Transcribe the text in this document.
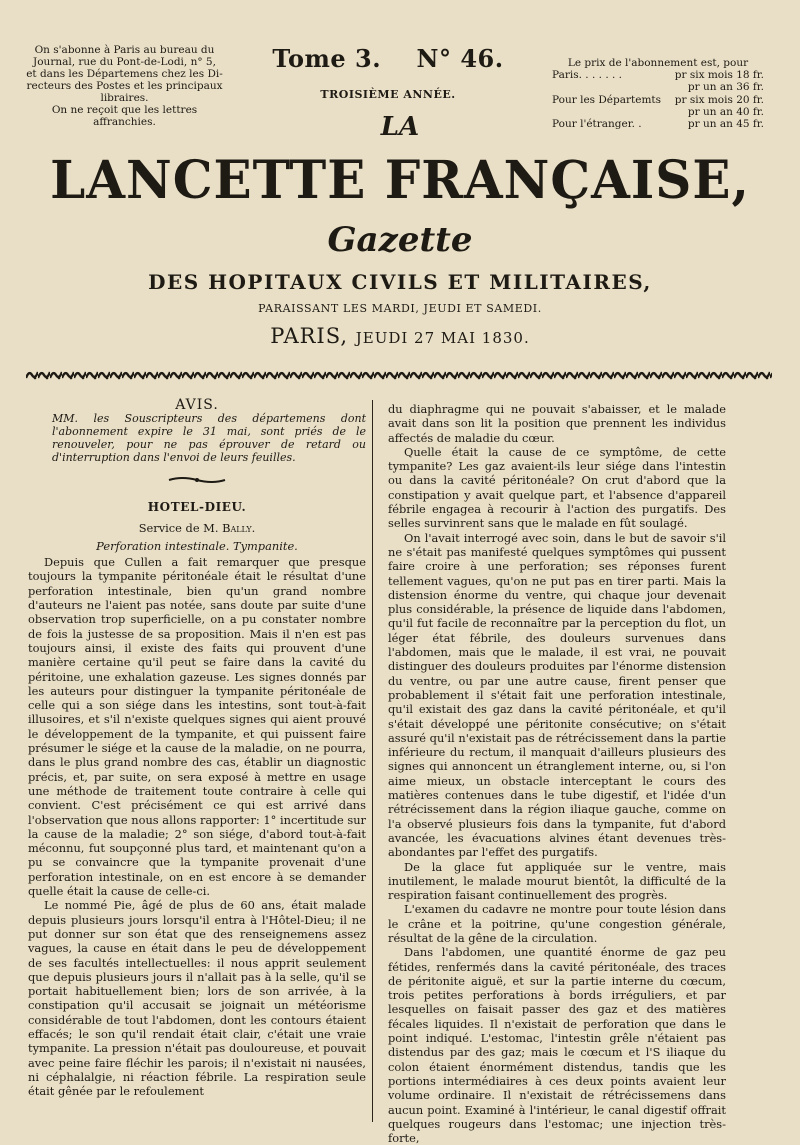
On s'abonne à Paris au bureau du

Journal, rue du Pont-de-Lodi, n° 5,

et dans les Départemens chez les Di-

recteurs des Postes et les principaux

libraires.

On ne reçoit que les lettres affranchies.

Tome 3. N° 46.
TROISIÈME ANNÉE.
Le prix de l'abonnement est, pour
Paris. . . . . . .	pr six mois 18 fr.
pr un an 36 fr.
Pour les Départemts	pr six mois 20 fr.
pr un an 40 fr.
Pour l'étranger. .	pr un an 45 fr.
LA
LANCETTE FRANÇAISE,
Gazette
DES HOPITAUX CIVILS ET MILITAIRES,
PARAISSANT LES MARDI, JEUDI ET SAMEDI.
PARIS, JEUDI 27 MAI 1830.

AVIS.

MM. les Souscripteurs des départemens dont l'abonnement expire le 31 mai, sont priés de le renouveler, pour ne pas éprouver de retard ou d'interruption dans l'envoi de leurs feuilles.

HOTEL-DIEU.

Service de M. Bally.

Perforation intestinale. Tympanite.

Depuis que Cullen a fait remarquer que presque toujours la tympanite péritonéale était le résultat d'une perforation intestinale, bien qu'un grand nombre d'auteurs ne l'aient pas notée, sans doute par suite d'une observation trop superficielle, on a pu constater nombre de fois la justesse de sa proposition. Mais il n'en est pas toujours ainsi, il existe des faits qui prouvent d'une manière certaine qu'il peut se faire dans la cavité du péritoine, une exhalation gazeuse. Les signes donnés par les auteurs pour distinguer la tympanite péritonéale de celle qui a son siége dans les intestins, sont tout-à-fait illusoires, et s'il n'existe quelques signes qui aient prouvé le développement de la tympanite, et qui puissent faire présumer le siége et la cause de la maladie, on ne pourra, dans le plus grand nombre des cas, établir un diagnostic précis, et, par suite, on sera exposé à mettre en usage une méthode de traitement toute contraire à celle qui convient. C'est précisément ce qui est arrivé dans l'observation que nous allons rapporter: 1° incertitude sur la cause de la maladie; 2° son siége, d'abord tout-à-fait méconnu, fut soupçonné plus tard, et maintenant qu'on a pu se convaincre que la tympanite provenait d'une perforation intestinale, on en est encore à se demander quelle était la cause de celle-ci.

Le nommé Pie, âgé de plus de 60 ans, était malade depuis plusieurs jours lorsqu'il entra à l'Hôtel-Dieu; il ne put donner sur son état que des renseignemens assez vagues, la cause en était dans le peu de développement de ses facultés intellectuelles: il nous apprit seulement que depuis plusieurs jours il n'allait pas à la selle, qu'il se portait habituellement bien; lors de son arrivée, à la constipation qu'il accusait se joignait un météorisme considérable de tout l'abdomen, dont les contours étaient effacés; le son qu'il rendait était clair, c'était une vraie tympanite. La pression n'était pas douloureuse, et pouvait avec peine faire fléchir les parois; il n'existait ni nausées, ni céphalalgie, ni réaction fébrile. La respiration seule était gênée par le refoulement

du diaphragme qui ne pouvait s'abaisser, et le malade avait dans son lit la position que prennent les individus affectés de maladie du cœur.

Quelle était la cause de ce symptôme, de cette tympanite? Les gaz avaient-ils leur siége dans l'intestin ou dans la cavité péritonéale? On crut d'abord que la constipation y avait quelque part, et l'absence d'appareil fébrile engagea à recourir à l'action des purgatifs. Des selles survinrent sans que le malade en fût soulagé.

On l'avait interrogé avec soin, dans le but de savoir s'il ne s'était pas manifesté quelques symptômes qui pussent faire croire à une perforation; ses réponses furent tellement vagues, qu'on ne put pas en tirer parti. Mais la distension énorme du ventre, qui chaque jour devenait plus considérable, la présence de liquide dans l'abdomen, qu'il fut facile de reconnaître par la perception du flot, un léger état fébrile, des douleurs survenues dans l'abdomen, mais que le malade, il est vrai, ne pouvait distinguer des douleurs produites par l'énorme distension du ventre, ou par une autre cause, firent penser que probablement il s'était fait une perforation intestinale, qu'il existait des gaz dans la cavité péritonéale, et qu'il s'était développé une péritonite consécutive; on s'était assuré qu'il n'existait pas de rétrécissement dans la partie inférieure du rectum, il manquait d'ailleurs plusieurs des signes qui annoncent un étranglement interne, ou, si l'on aime mieux, un obstacle interceptant le cours des matières contenues dans le tube digestif, et l'idée d'un rétrécissement dans la région iliaque gauche, comme on l'a observé plusieurs fois dans la tympanite, fut d'abord avancée, les évacuations alvines étant devenues très-abondantes par l'effet des purgatifs.

De la glace fut appliquée sur le ventre, mais inutilement, le malade mourut bientôt, la difficulté de la respiration faisant continuellement des progrès.

L'examen du cadavre ne montre pour toute lésion dans le crâne et la poitrine, qu'une congestion générale, résultat de la gêne de la circulation.

Dans l'abdomen, une quantité énorme de gaz peu fétides, renfermés dans la cavité péritonéale, des traces de péritonite aiguë, et sur la partie interne du cœcum, trois petites perforations à bords irréguliers, et par lesquelles on faisait passer des gaz et des matières fécales liquides. Il n'existait de perforation que dans le point indiqué. L'estomac, l'intestin grêle n'étaient pas distendus par des gaz; mais le cœcum et l'S iliaque du colon étaient énormément distendus, tandis que les portions intermédiaires à ces deux points avaient leur volume ordinaire. Il n'existait de rétrécissemens dans aucun point. Examiné à l'intérieur, le canal digestif offrait quelques rougeurs dans l'estomac; une injection très-forte,
